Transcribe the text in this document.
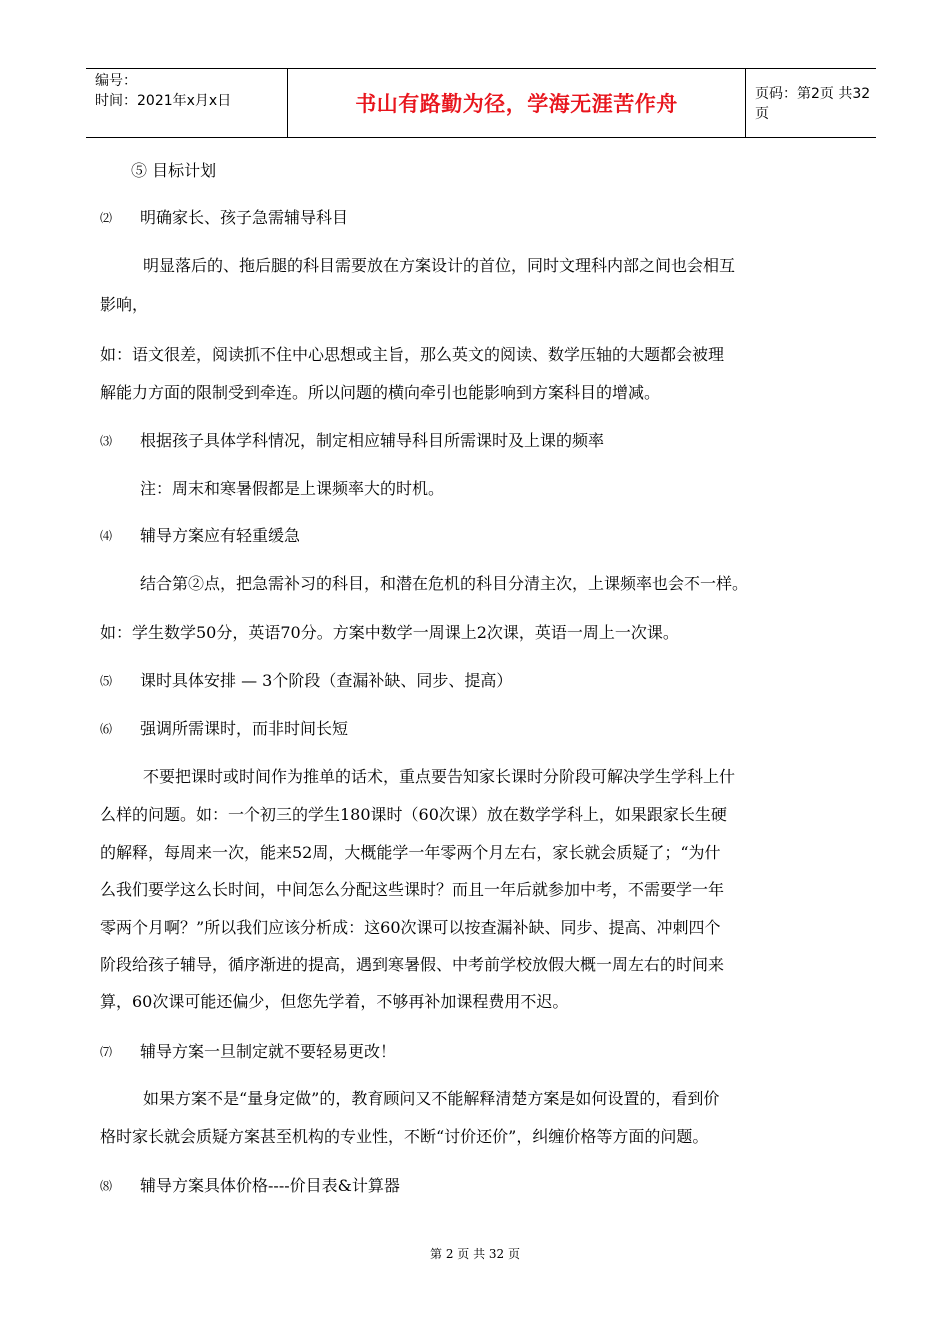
编号：
时间：2021年x月x日	书山有路勤为径，学海无涯苦作舟	页码：第2页 共32页
⑤ 目标计划
⑵ 明确家长、孩子急需辅导科目
明显落后的、拖后腿的科目需要放在方案设计的首位，同时文理科内部之间也会相互
影响，
如：语文很差，阅读抓不住中心思想或主旨，那么英文的阅读、数学压轴的大题都会被理
解能力方面的限制受到牵连。所以问题的横向牵引也能影响到方案科目的增减。
⑶ 根据孩子具体学科情况，制定相应辅导科目所需课时及上课的频率
注：周末和寒暑假都是上课频率大的时机。
⑷ 辅导方案应有轻重缓急
结合第②点，把急需补习的科目，和潜在危机的科目分清主次，上课频率也会不一样。
如：学生数学50分，英语70分。方案中数学一周课上2次课，英语一周上一次课。
⑸ 课时具体安排 — 3个阶段（查漏补缺、同步、提高）
⑹ 强调所需课时，而非时间长短
不要把课时或时间作为推单的话术，重点要告知家长课时分阶段可解决学生学科上什
么样的问题。如：一个初三的学生180课时（60次课）放在数学学科上，如果跟家长生硬
的解释，每周来一次，能来52周，大概能学一年零两个月左右，家长就会质疑了；“为什
么我们要学这么长时间，中间怎么分配这些课时？而且一年后就参加中考，不需要学一年
零两个月啊？”所以我们应该分析成：这60次课可以按查漏补缺、同步、提高、冲刺四个
阶段给孩子辅导，循序渐进的提高，遇到寒暑假、中考前学校放假大概一周左右的时间来
算，60次课可能还偏少，但您先学着，不够再补加课程费用不迟。
⑺ 辅导方案一旦制定就不要轻易更改！
如果方案不是“量身定做”的，教育顾问又不能解释清楚方案是如何设置的，看到价
格时家长就会质疑方案甚至机构的专业性，不断“讨价还价”，纠缠价格等方面的问题。
⑻ 辅导方案具体价格----价目表&计算器
第 2 页 共 32 页
